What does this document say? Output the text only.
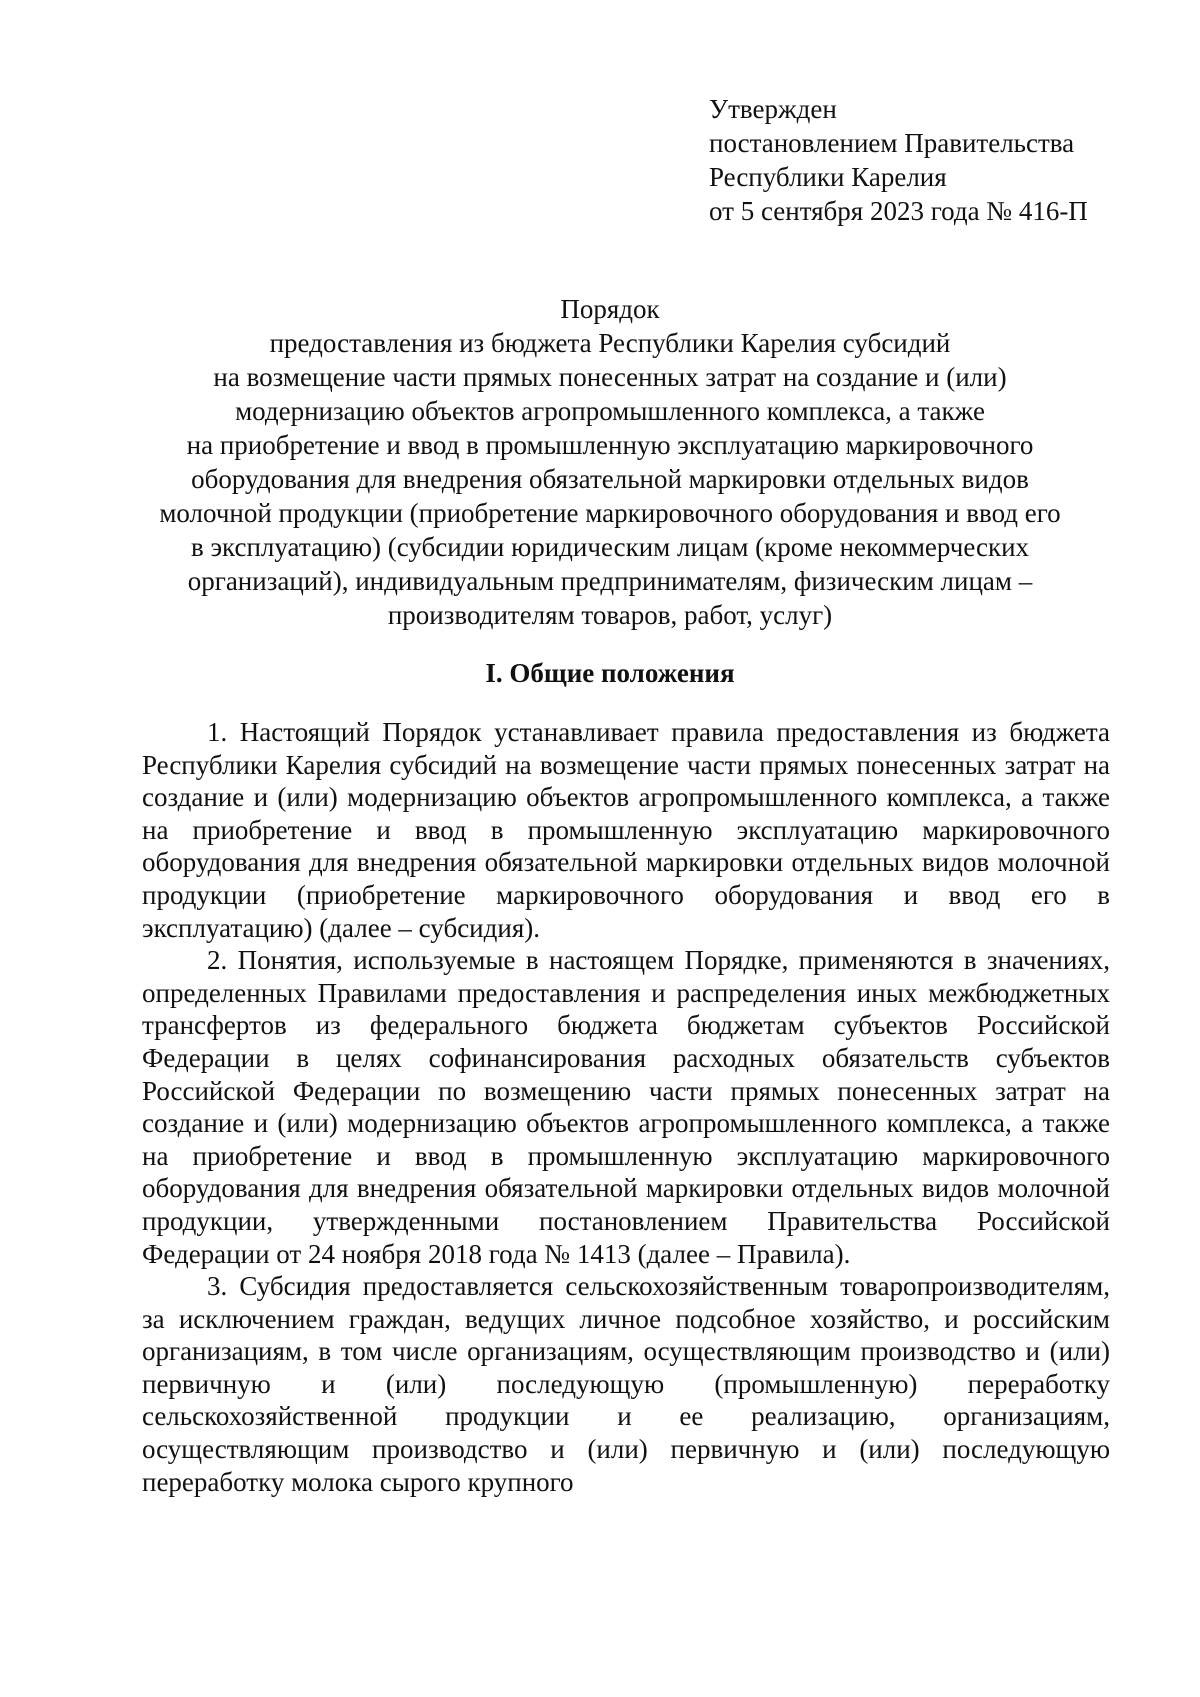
Утвержден
постановлением Правительства
Республики Карелия
от 5 сентября 2023 года № 416-П
Порядок
предоставления из бюджета Республики Карелия субсидий
на возмещение части прямых понесенных затрат на создание и (или)
модернизацию объектов агропромышленного комплекса, а также
на приобретение и ввод в промышленную эксплуатацию маркировочного
оборудования для внедрения обязательной маркировки отдельных видов
молочной продукции (приобретение маркировочного оборудования и ввод его
в эксплуатацию) (субсидии юридическим лицам (кроме некоммерческих
организаций), индивидуальным предпринимателям, физическим лицам –
производителям товаров, работ, услуг)
I. Общие положения

1. Настоящий Порядок устанавливает правила предоставления из бюджета Республики Карелия субсидий на возмещение части прямых понесенных затрат на создание и (или) модернизацию объектов агропромышленного комплекса, а также на приобретение и ввод в промышленную эксплуатацию маркировочного оборудования для внедрения обязательной маркировки отдельных видов молочной продукции (приобретение маркировочного оборудования и ввод его в эксплуатацию) (далее – субсидия).

2. Понятия, используемые в настоящем Порядке, применяются в значениях, определенных Правилами предоставления и распределения иных межбюджетных трансфертов из федерального бюджета бюджетам субъектов Российской Федерации в целях софинансирования расходных обязательств субъектов Российской Федерации по возмещению части прямых понесенных затрат на создание и (или) модернизацию объектов агропромышленного комплекса, а также на приобретение и ввод в промышленную эксплуатацию маркировочного оборудования для внедрения обязательной маркировки отдельных видов молочной продукции, утвержденными постановлением Правительства Российской Федерации от 24 ноября 2018 года № 1413 (далее – Правила).

3. Субсидия предоставляется сельскохозяйственным товаропроизводителям, за исключением граждан, ведущих личное подсобное хозяйство, и российским организациям, в том числе организациям, осуществляющим производство и (или) первичную и (или) последующую (промышленную) переработку сельскохозяйственной продукции и ее реализацию, организациям, осуществляющим производство и (или) первичную и (или) последующую переработку молока сырого крупного
